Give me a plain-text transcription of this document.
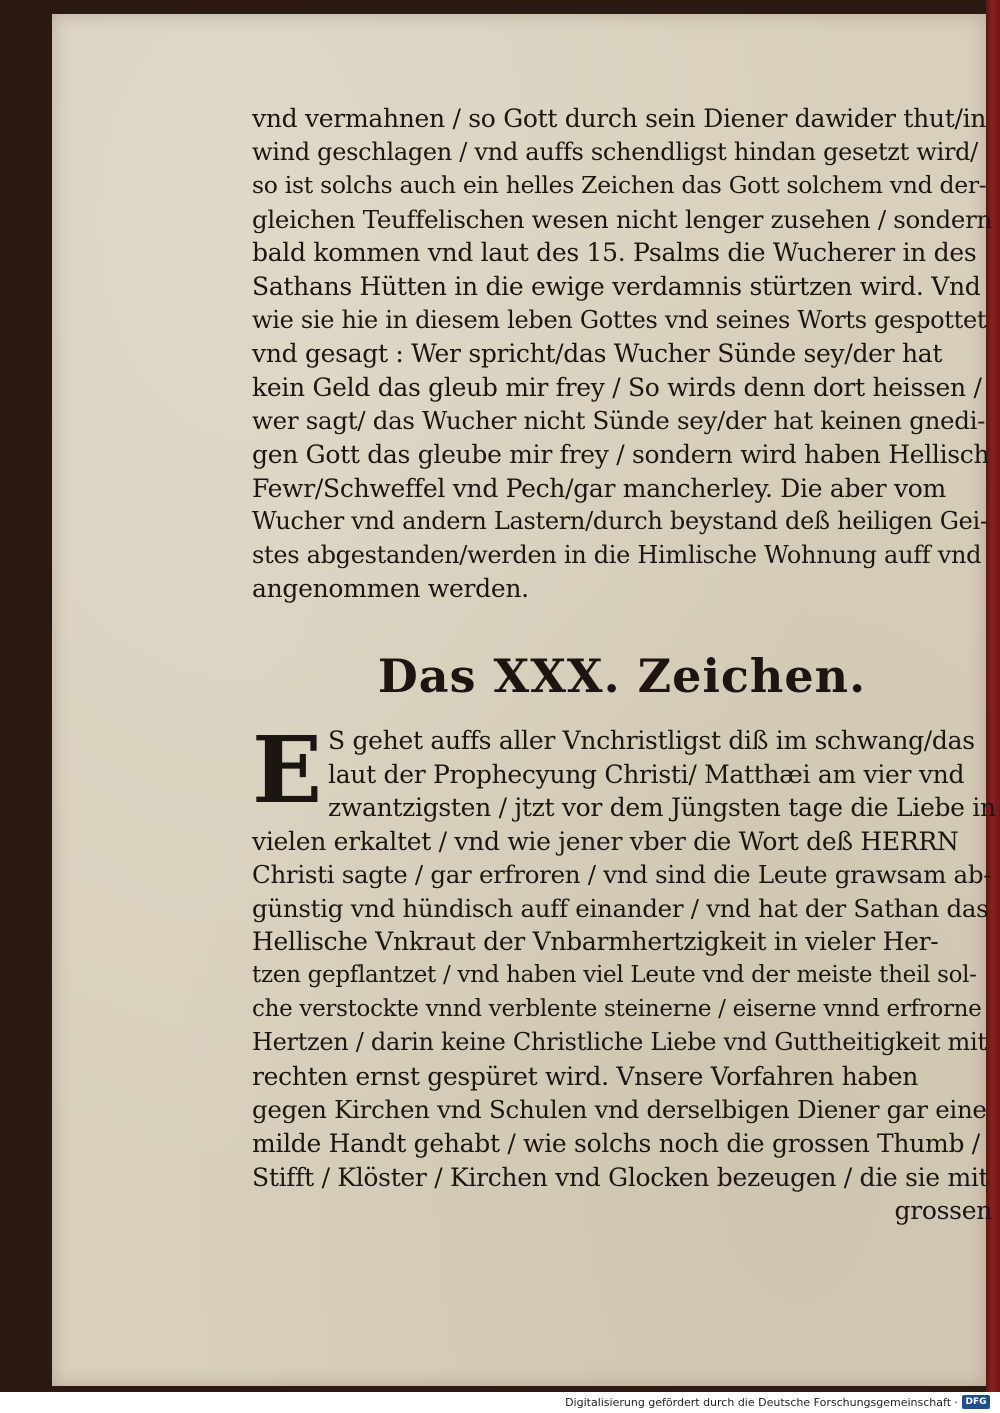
vnd vermahnen / so Gott durch sein Diener dawider thut/in
wind geschlagen / vnd auffs schendligst hindan gesetzt wird/
so ist solchs auch ein helles Zeichen das Gott solchem vnd der-
gleichen Teuffelischen wesen nicht lenger zusehen / sondern
bald kommen vnd laut des 15. Psalms die Wucherer in des
Sathans Hütten in die ewige verdamnis stürtzen wird. Vnd
wie sie hie in diesem leben Gottes vnd seines Worts gespottet
vnd gesagt : Wer spricht/das Wucher Sünde sey/der hat
kein Geld das gleub mir frey / So wirds denn dort heissen /
wer sagt/ das Wucher nicht Sünde sey/der hat keinen gnedi-
gen Gott das gleube mir frey / sondern wird haben Hellisch
Fewr/Schweffel vnd Pech/gar mancherley. Die aber vom
Wucher vnd andern Lastern/durch beystand deß heiligen Gei-
stes abgestanden/werden in die Himlische Wohnung auff vnd
angenommen werden.
Das XXX. Zeichen.
E S gehet auffs aller Vnchristligst diß im schwang/das
laut der Prophecyung Christi/ Matthæi am vier vnd
zwantzigsten / jtzt vor dem Jüngsten tage die Liebe in
vielen erkaltet / vnd wie jener vber die Wort deß HERRN
Christi sagte / gar erfroren / vnd sind die Leute grawsam ab-
günstig vnd hündisch auff einander / vnd hat der Sathan das
Hellische Vnkraut der Vnbarmhertzigkeit in vieler Her-
tzen gepflantzet / vnd haben viel Leute vnd der meiste theil sol-
che verstockte vnnd verblente steinerne / eiserne vnnd erfrorne
Hertzen / darin keine Christliche Liebe vnd Guttheitigkeit mit
rechten ernst gespüret wird. Vnsere Vorfahren haben
gegen Kirchen vnd Schulen vnd derselbigen Diener gar eine
milde Handt gehabt / wie solchs noch die grossen Thumb /
Stifft / Klöster / Kirchen vnd Glocken bezeugen / die sie mit
grossen
Digitalisierung gefördert durch die Deutsche Forschungsgemeinschaft · DFG
